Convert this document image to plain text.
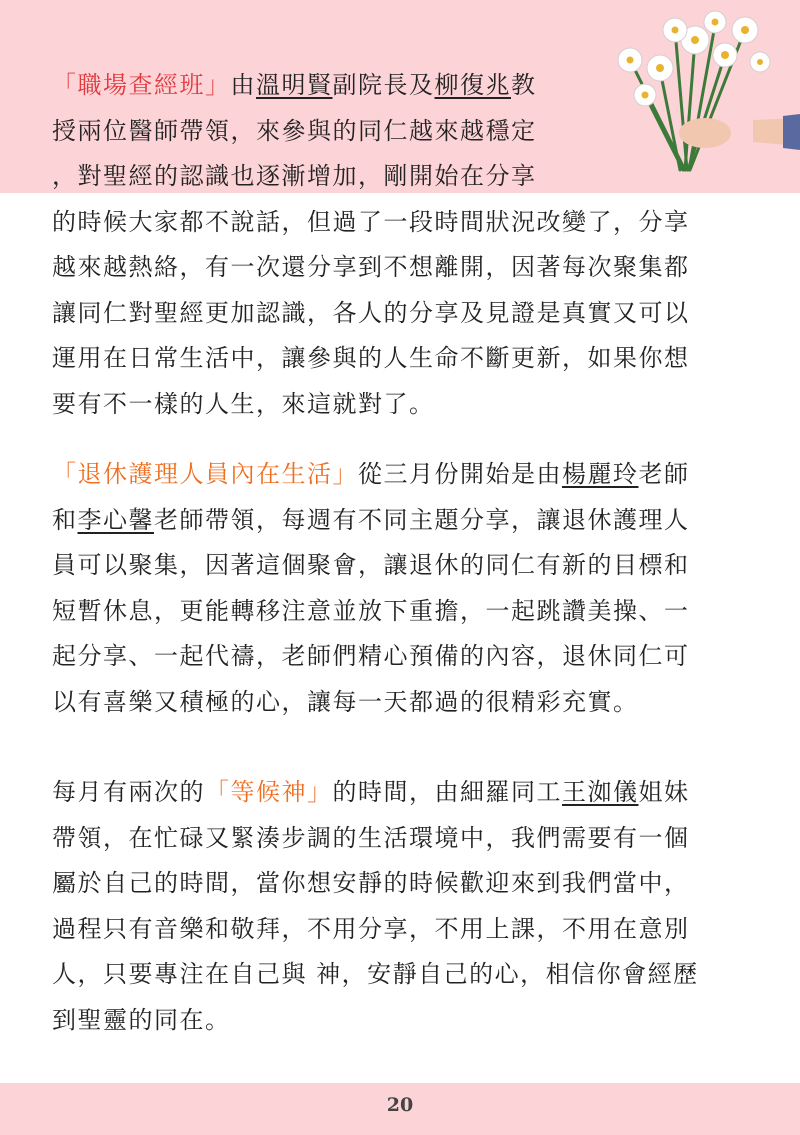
「職場查經班」由溫明賢副院長及柳復兆教
授兩位醫師帶領，來參與的同仁越來越穩定
，對聖經的認識也逐漸增加，剛開始在分享
的時候大家都不說話，但過了一段時間狀況改變了，分享
越來越熱絡，有一次還分享到不想離開，因著每次聚集都
讓同仁對聖經更加認識，各人的分享及見證是真實又可以
運用在日常生活中，讓參與的人生命不斷更新，如果你想
要有不一樣的人生，來這就對了。
「退休護理人員內在生活」從三月份開始是由楊麗玲老師
和李心馨老師帶領，每週有不同主題分享，讓退休護理人
員可以聚集，因著這個聚會，讓退休的同仁有新的目標和
短暫休息，更能轉移注意並放下重擔，一起跳讚美操、一
起分享、一起代禱，老師們精心預備的內容，退休同仁可
以有喜樂又積極的心，讓每一天都過的很精彩充實。
每月有兩次的「等候神」的時間，由細羅同工王洳儀姐妹
帶領，在忙碌又緊湊步調的生活環境中，我們需要有一個
屬於自己的時間，當你想安靜的時候歡迎來到我們當中，
過程只有音樂和敬拜，不用分享，不用上課，不用在意別
人，只要專注在自己與 神，安靜自己的心，相信你會經歷
到聖靈的同在。
20
